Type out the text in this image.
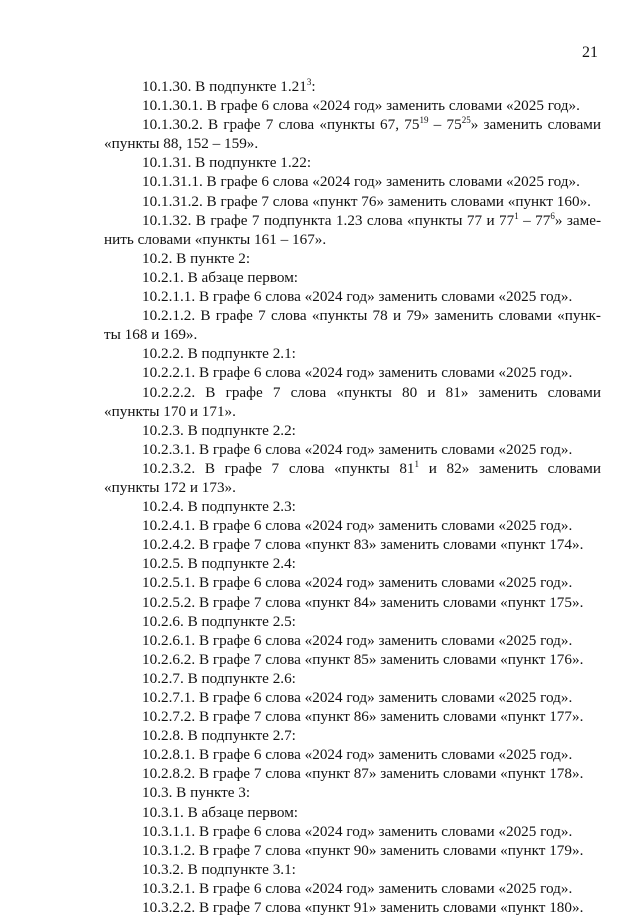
21

10.1.30. В подпункте 1.21$^3$:

10.1.30.1. В графе 6 слова «2024 год» заменить словами «2025 год».

10.1.30.2. В графе 7 слова «пункты 67, $75^{19} - 75^{25}$» заменить словами

«пункты 88, 152 – 159».

10.1.31. В подпункте 1.22:

10.1.31.1. В графе 6 слова «2024 год» заменить словами «2025 год».

10.1.31.2. В графе 7 слова «пункт 76» заменить словами «пункт 160».

10.1.32. В графе 7 подпункта 1.23 слова «пункты 77 и $77^1 - 77^6$» заме-

нить словами «пункты 161 – 167».

10.2. В пункте 2:

10.2.1. В абзаце первом:

10.2.1.1. В графе 6 слова «2024 год» заменить словами «2025 год».

10.2.1.2. В графе 7 слова «пункты 78 и 79» заменить словами «пунк-

ты 168 и 169».

10.2.2. В подпункте 2.1:

10.2.2.1. В графе 6 слова «2024 год» заменить словами «2025 год».

10.2.2.2. В графе 7 слова «пункты 80 и 81» заменить словами

«пункты 170 и 171».

10.2.3. В подпункте 2.2:

10.2.3.1. В графе 6 слова «2024 год» заменить словами «2025 год».

10.2.3.2. В графе 7 слова «пункты $81^1$ и 82» заменить словами

«пункты 172 и 173».

10.2.4. В подпункте 2.3:

10.2.4.1. В графе 6 слова «2024 год» заменить словами «2025 год».

10.2.4.2. В графе 7 слова «пункт 83» заменить словами «пункт 174».

10.2.5. В подпункте 2.4:

10.2.5.1. В графе 6 слова «2024 год» заменить словами «2025 год».

10.2.5.2. В графе 7 слова «пункт 84» заменить словами «пункт 175».

10.2.6. В подпункте 2.5:

10.2.6.1. В графе 6 слова «2024 год» заменить словами «2025 год».

10.2.6.2. В графе 7 слова «пункт 85» заменить словами «пункт 176».

10.2.7. В подпункте 2.6:

10.2.7.1. В графе 6 слова «2024 год» заменить словами «2025 год».

10.2.7.2. В графе 7 слова «пункт 86» заменить словами «пункт 177».

10.2.8. В подпункте 2.7:

10.2.8.1. В графе 6 слова «2024 год» заменить словами «2025 год».

10.2.8.2. В графе 7 слова «пункт 87» заменить словами «пункт 178».

10.3. В пункте 3:

10.3.1. В абзаце первом:

10.3.1.1. В графе 6 слова «2024 год» заменить словами «2025 год».

10.3.1.2. В графе 7 слова «пункт 90» заменить словами «пункт 179».

10.3.2. В подпункте 3.1:

10.3.2.1. В графе 6 слова «2024 год» заменить словами «2025 год».

10.3.2.2. В графе 7 слова «пункт 91» заменить словами «пункт 180».
